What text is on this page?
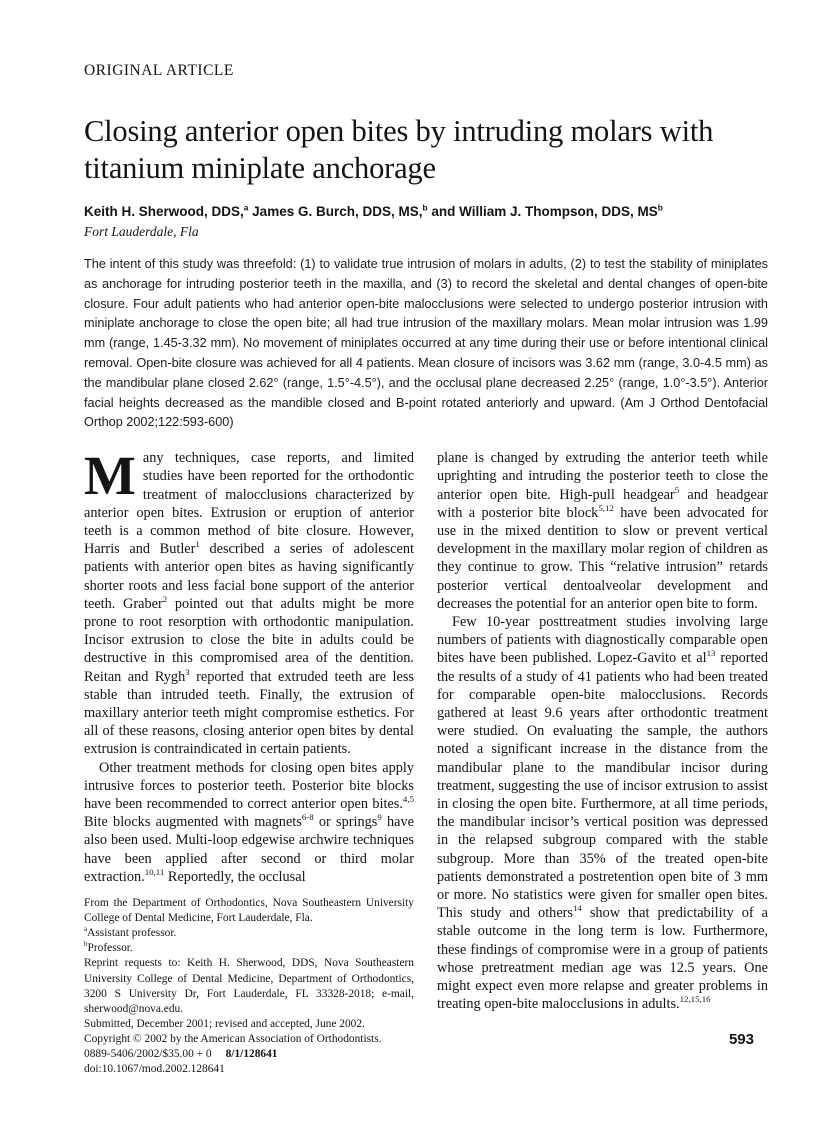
ORIGINAL ARTICLE
Closing anterior open bites by intruding molars with titanium miniplate anchorage
Keith H. Sherwood, DDS,$^a$ James G. Burch, DDS, MS,$^b$ and William J. Thompson, DDS, $MS^b$
Fort Lauderdale, Fla
The intent of this study was threefold: (1) to validate true intrusion of molars in adults, (2) to test the stability of miniplates as anchorage for intruding posterior teeth in the maxilla, and (3) to record the skeletal and dental changes of open-bite closure. Four adult patients who had anterior open-bite malocclusions were selected to undergo posterior intrusion with miniplate anchorage to close the open bite; all had true intrusion of the maxillary molars. Mean molar intrusion was 1.99 mm (range, 1.45-3.32 mm). No movement of miniplates occurred at any time during their use or before intentional clinical removal. Open-bite closure was achieved for all 4 patients. Mean closure of incisors was 3.62 mm (range, 3.0-4.5 mm) as the mandibular plane closed 2.62° (range, 1.5°-4.5°), and the occlusal plane decreased 2.25° (range, 1.0°-3.5°). Anterior facial heights decreased as the mandible closed and B-point rotated anteriorly and upward. (Am J Orthod Dentofacial Orthop 2002;122:593-600)

Many techniques, case reports, and limited studies have been reported for the orthodontic treatment of malocclusions characterized by anterior open bites. Extrusion or eruption of anterior teeth is a common method of bite closure. However, Harris and Butler$^1$ described a series of adolescent patients with anterior open bites as having significantly shorter roots and less facial bone support of the anterior teeth. Graber$^2$ pointed out that adults might be more prone to root resorption with orthodontic manipulation. Incisor extrusion to close the bite in adults could be destructive in this compromised area of the dentition. Reitan and Rygh$^3$ reported that extruded teeth are less stable than intruded teeth. Finally, the extrusion of maxillary anterior teeth might compromise esthetics. For all of these reasons, closing anterior open bites by dental extrusion is contraindicated in certain patients.

Other treatment methods for closing open bites apply intrusive forces to posterior teeth. Posterior bite blocks have been recommended to correct anterior open bites.$^{4,5}$ Bite blocks augmented with magnets$^{6-8}$ or springs$^9$ have also been used. Multi-loop edgewise archwire techniques have been applied after second or third molar extraction.$^{10,11}$ Reportedly, the occlusal

From the Department of Orthodontics, Nova Southeastern University College of Dental Medicine, Fort Lauderdale, Fla.

$^a$Assistant professor.

$^b$Professor.

Reprint requests to: Keith H. Sherwood, DDS, Nova Southeastern University College of Dental Medicine, Department of Orthodontics, 3200 S University Dr, Fort Lauderdale, FL 33328-2018; e-mail, sherwood@nova.edu.

Submitted, December 2001; revised and accepted, June 2002.

Copyright © 2002 by the American Association of Orthodontists.

0889-5406/2002/$35.00 + 0 8/1/128641

doi:10.1067/mod.2002.128641

plane is changed by extruding the anterior teeth while uprighting and intruding the posterior teeth to close the anterior open bite. High-pull headgear$^5$ and headgear with a posterior bite block$^{5,12}$ have been advocated for use in the mixed dentition to slow or prevent vertical development in the maxillary molar region of children as they continue to grow. This “relative intrusion” retards posterior vertical dentoalveolar development and decreases the potential for an anterior open bite to form.

Few 10-year posttreatment studies involving large numbers of patients with diagnostically comparable open bites have been published. Lopez-Gavito et $al^{13}$ reported the results of a study of 41 patients who had been treated for comparable open-bite malocclusions. Records gathered at least 9.6 years after orthodontic treatment were studied. On evaluating the sample, the authors noted a significant increase in the distance from the mandibular plane to the mandibular incisor during treatment, suggesting the use of incisor extrusion to assist in closing the open bite. Furthermore, at all time periods, the mandibular incisor’s vertical position was depressed in the relapsed subgroup compared with the stable subgroup. More than 35% of the treated open-bite patients demonstrated a postretention open bite of 3 mm or more. No statistics were given for smaller open bites. This study and others$^{14}$ show that predictability of a stable outcome in the long term is low. Furthermore, these findings of compromise were in a group of patients whose pretreatment median age was 12.5 years. One might expect even more relapse and greater problems in treating open-bite malocclusions in adults.$^{12,15,16}$

593
